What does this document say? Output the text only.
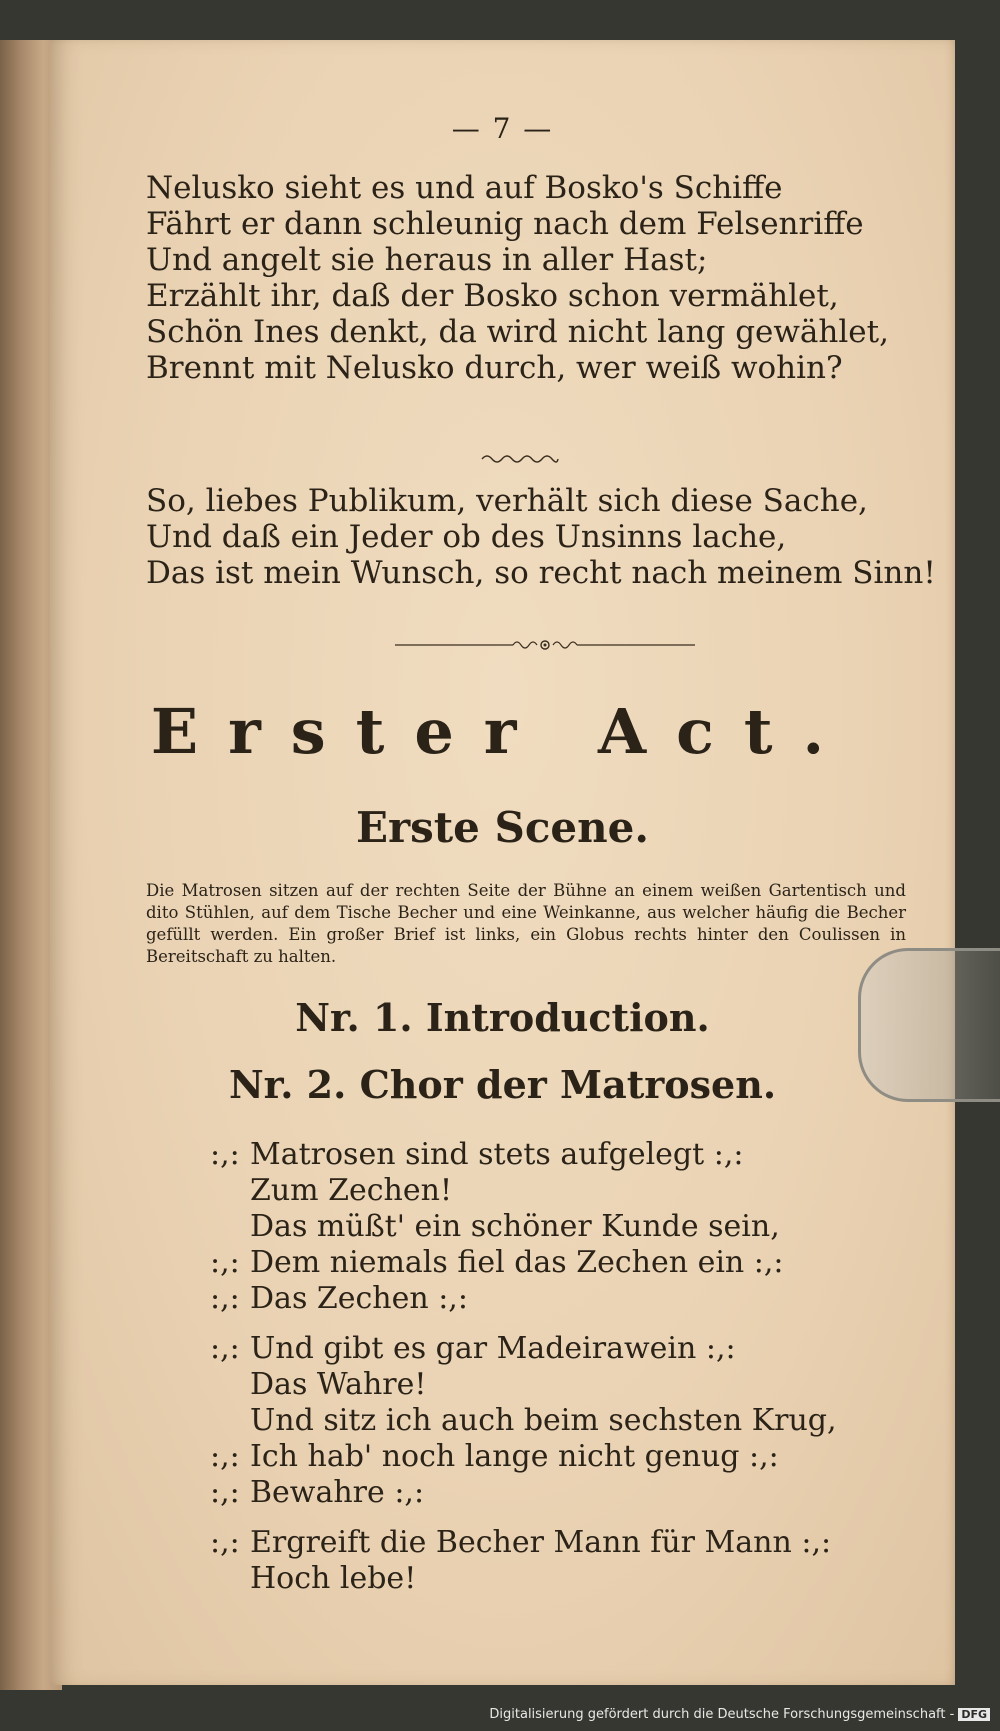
— 7 —
Nelusko sieht es und auf Bosko's Schiffe
Fährt er dann schleunig nach dem Felsenriffe
Und angelt sie heraus in aller Hast;
Erzählt ihr, daß der Bosko schon vermählet,
Schön Ines denkt, da wird nicht lang gewählet,
Brennt mit Nelusko durch, wer weiß wohin?
So, liebes Publikum, verhält sich diese Sache,
Und daß ein Jeder ob des Unsinns lache,
Das ist mein Wunsch, so recht nach meinem Sinn!
Erster Act.
Erste Scene.
Die Matrosen sitzen auf der rechten Seite der Bühne an einem weißen Gartentisch und dito Stühlen, auf dem Tische Becher und eine Weinkanne, aus welcher häufig die Becher gefüllt werden. Ein großer Brief ist links, ein Globus rechts hinter den Coulissen in Bereitschaft zu halten.
Nr. 1. Introduction.
Nr. 2. Chor der Matrosen.
:,: Matrosen sind stets aufgelegt :,:
Zum Zechen!
Das müßt' ein schöner Kunde sein,
:,: Dem niemals fiel das Zechen ein :,:
:,: Das Zechen :,:
:,: Und gibt es gar Madeirawein :,:
Das Wahre!
Und sitz ich auch beim sechsten Krug,
:,: Ich hab' noch lange nicht genug :,:
:,: Bewahre :,:
:,: Ergreift die Becher Mann für Mann :,:
Hoch lebe!
Digitalisierung gefördert durch die Deutsche Forschungsgemeinschaft - DFG
